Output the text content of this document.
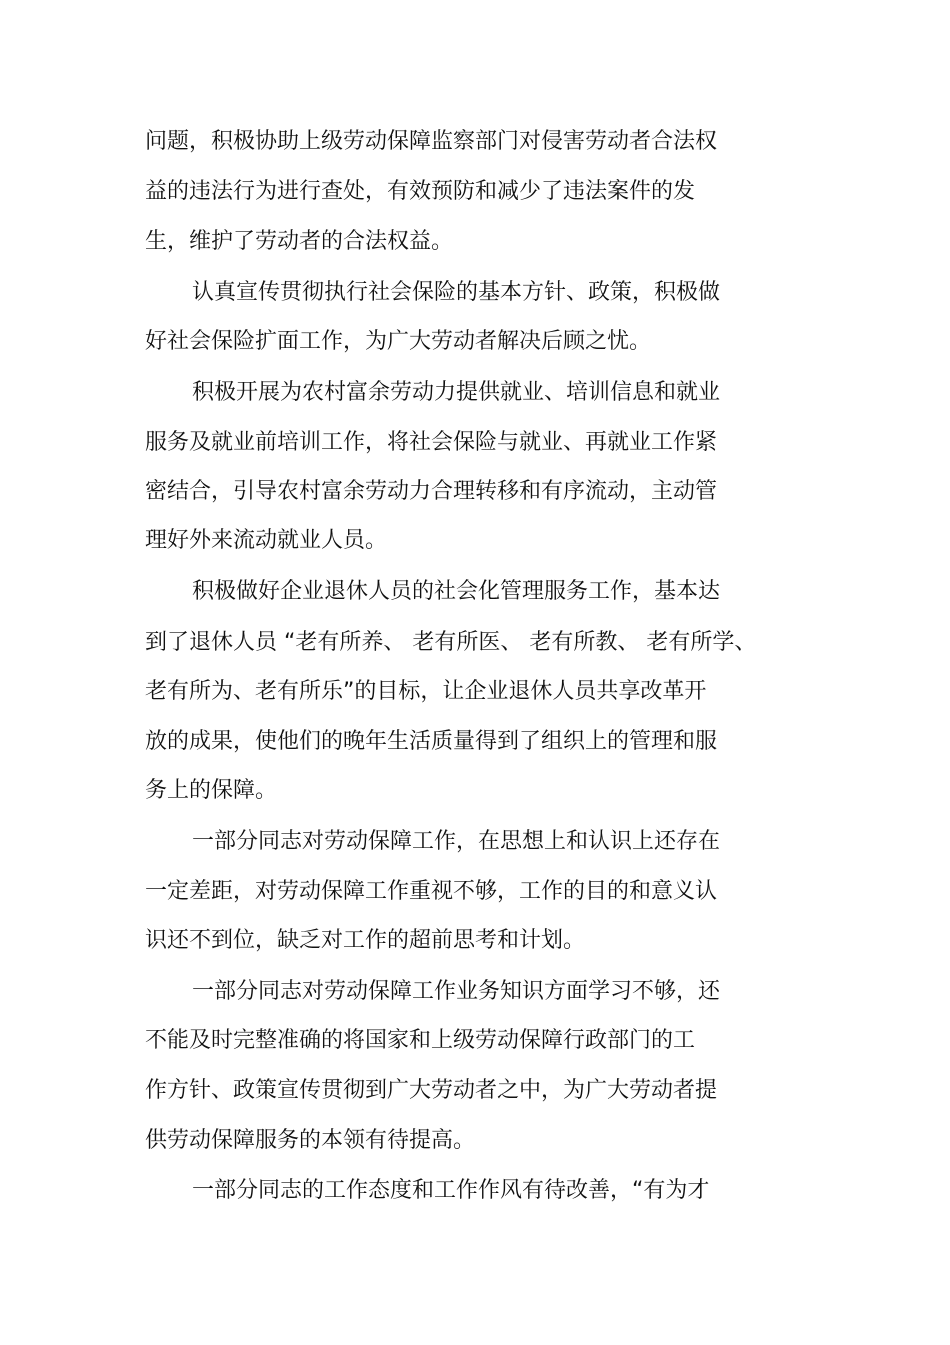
问题，积极协助上级劳动保障监察部门对侵害劳动者合法权
益的违法行为进行查处，有效预防和减少了违法案件的发
生，维护了劳动者的合法权益。
认真宣传贯彻执行社会保险的基本方针、政策，积极做
好社会保险扩面工作，为广大劳动者解决后顾之忧。
积极开展为农村富余劳动力提供就业、培训信息和就业
服务及就业前培训工作，将社会保险与就业、再就业工作紧
密结合，引导农村富余劳动力合理转移和有序流动，主动管
理好外来流动就业人员。
积极做好企业退休人员的社会化管理服务工作，基本达
到了退休人员 “老有所养、 老有所医、 老有所教、 老有所学、
老有所为、老有所乐”的目标，让企业退休人员共享改革开
放的成果，使他们的晚年生活质量得到了组织上的管理和服
务上的保障。
一部分同志对劳动保障工作，在思想上和认识上还存在
一定差距，对劳动保障工作重视不够，工作的目的和意义认
识还不到位，缺乏对工作的超前思考和计划。
一部分同志对劳动保障工作业务知识方面学习不够，还
不能及时完整准确的将国家和上级劳动保障行政部门的工
作方针、政策宣传贯彻到广大劳动者之中，为广大劳动者提
供劳动保障服务的本领有待提高。
一部分同志的工作态度和工作作风有待改善，“有为才
